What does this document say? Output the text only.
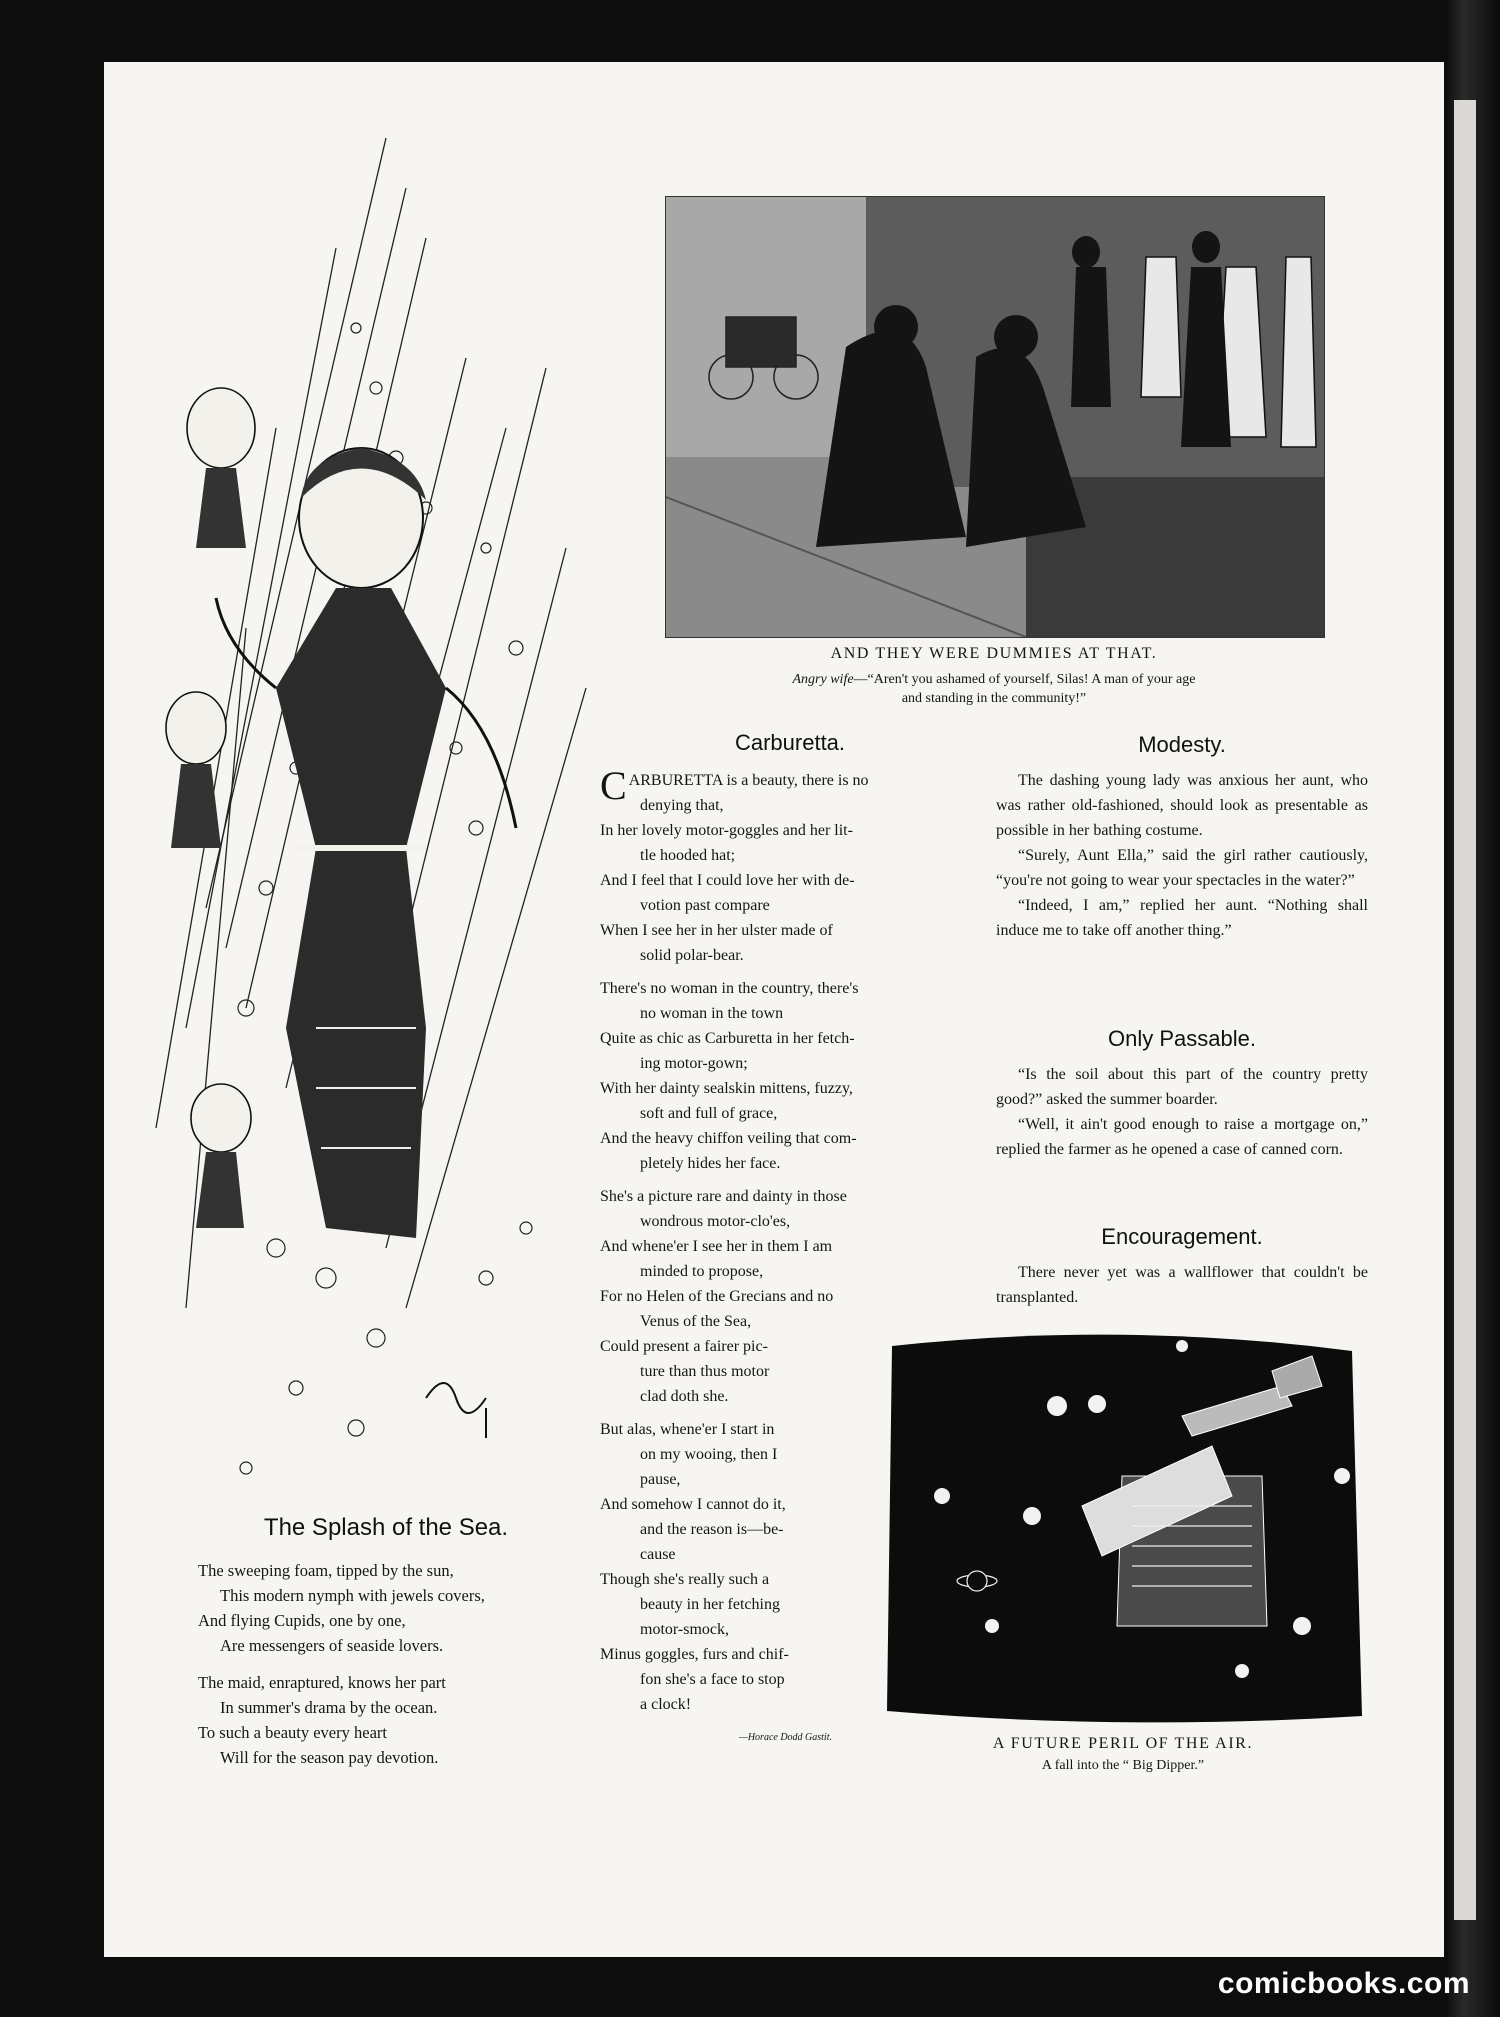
The Splash of the Sea.
The sweeping foam, tipped by the sun,
This modern nymph with jewels covers,
And flying Cupids, one by one,
Are messengers of seaside lovers.
The maid, enraptured, knows her part
In summer's drama by the ocean.
To such a beauty every heart
Will for the season pay devotion.
AND THEY WERE DUMMIES AT THAT.
Angry wife—“Aren't you ashamed of yourself, Silas! A man of your age
and standing in the community!”
Carburetta.
CARBURETTA is a beauty, there is no
denying that,
In her lovely motor-goggles and her lit-
tle hooded hat;
And I feel that I could love her with de-
votion past compare
When I see her in her ulster made of
solid polar-bear.
There's no woman in the country, there's
no woman in the town
Quite as chic as Carburetta in her fetch-
ing motor-gown;
With her dainty sealskin mittens, fuzzy,
soft and full of grace,
And the heavy chiffon veiling that com-
pletely hides her face.
She's a picture rare and dainty in those
wondrous motor-clo'es,
And whene'er I see her in them I am
minded to propose,
For no Helen of the Grecians and no
Venus of the Sea,
Could present a fairer pic-
ture than thus motor
clad doth she.
But alas, whene'er I start in
on my wooing, then I
pause,
And somehow I cannot do it,
and the reason is—be-
cause
Though she's really such a
beauty in her fetching
motor-smock,
Minus goggles, furs and chif-
fon she's a face to stop
a clock!
—Horace Dodd Gastit.
Modesty.

The dashing young lady was anxious her aunt, who was rather old-fashioned, should look as presentable as possible in her bathing costume.

“Surely, Aunt Ella,” said the girl rather cautiously, “you're not going to wear your spectacles in the water?”

“Indeed, I am,” replied her aunt. “Nothing shall induce me to take off another thing.”

Only Passable.

“Is the soil about this part of the country pretty good?” asked the summer boarder.

“Well, it ain't good enough to raise a mortgage on,” replied the farmer as he opened a case of canned corn.

Encouragement.

There never yet was a wallflower that couldn't be transplanted.

A FUTURE PERIL OF THE AIR.
A fall into the “ Big Dipper.”
comicbooks.com
